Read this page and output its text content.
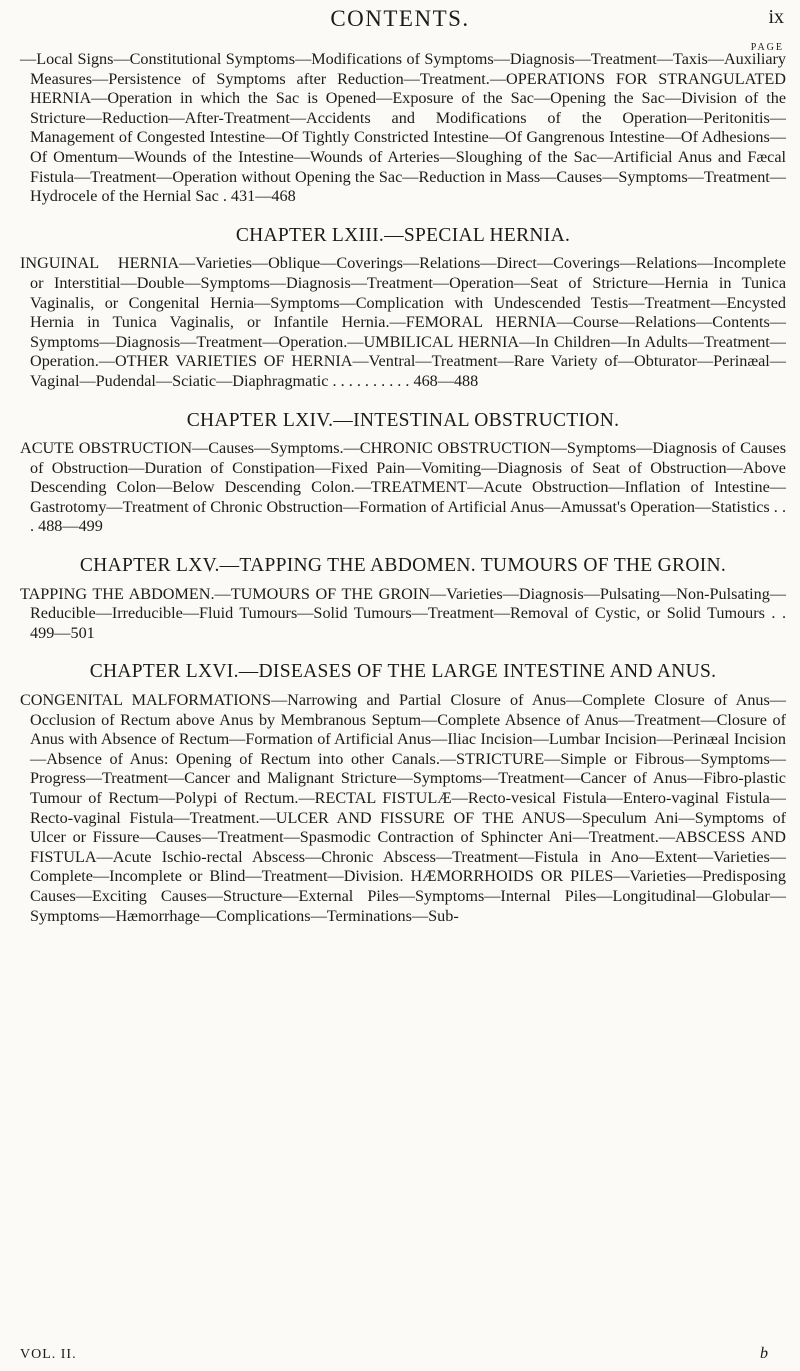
CONTENTS.	ix
PAGE

—Local Signs—Constitutional Symptoms—Modifications of Symptoms—Diagnosis—Treatment—Taxis—Auxiliary Measures—Persistence of Symptoms after Reduction—Treatment.—OPERATIONS FOR STRANGULATED HERNIA—Operation in which the Sac is Opened—Exposure of the Sac—Opening the Sac—Division of the Stricture—Reduction—After-Treatment—Accidents and Modifications of the Operation—Peritonitis—Management of Congested Intestine—Of Tightly Constricted Intestine—Of Gangrenous Intestine—Of Adhesions—Of Omentum—Wounds of the Intestine—Wounds of Arteries—Sloughing of the Sac—Artificial Anus and Fæcal Fistula—Treatment—Operation without Opening the Sac—Reduction in Mass—Causes—Symptoms—Treatment—Hydrocele of the Hernial Sac . 431—468

CHAPTER LXIII.—SPECIAL HERNIA.

INGUINAL HERNIA—Varieties—Oblique—Coverings—Relations—Direct—Coverings—Relations—Incomplete or Interstitial—Double—Symptoms—Diagnosis—Treatment—Operation—Seat of Stricture—Hernia in Tunica Vaginalis, or Congenital Hernia—Symptoms—Complication with Undescended Testis—Treatment—Encysted Hernia in Tunica Vaginalis, or Infantile Hernia.—FEMORAL HERNIA—Course—Relations—Contents—Symptoms—Diagnosis—Treatment—Operation.—UMBILICAL HERNIA—In Children—In Adults—Treatment—Operation.—OTHER VARIETIES OF HERNIA—Ventral—Treatment—Rare Variety of—Obturator—Perinæal—Vaginal—Pudendal—Sciatic—Diaphragmatic . . . . . . . . . . 468—488

CHAPTER LXIV.—INTESTINAL OBSTRUCTION.

ACUTE OBSTRUCTION—Causes—Symptoms.—CHRONIC OBSTRUCTION—Symptoms—Diagnosis of Causes of Obstruction—Duration of Constipation—Fixed Pain—Vomiting—Diagnosis of Seat of Obstruction—Above Descending Colon—Below Descending Colon.—TREATMENT—Acute Obstruction—Inflation of Intestine—Gastrotomy—Treatment of Chronic Obstruction—Formation of Artificial Anus—Amussat's Operation—Statistics . . . 488—499

CHAPTER LXV.—TAPPING THE ABDOMEN. TUMOURS OF THE GROIN.

TAPPING THE ABDOMEN.—TUMOURS OF THE GROIN—Varieties—Diagnosis—Pulsating—Non-Pulsating—Reducible—Irreducible—Fluid Tumours—Solid Tumours—Treatment—Removal of Cystic, or Solid Tumours . . 499—501

CHAPTER LXVI.—DISEASES OF THE LARGE INTESTINE AND ANUS.

CONGENITAL MALFORMATIONS—Narrowing and Partial Closure of Anus—Complete Closure of Anus—Occlusion of Rectum above Anus by Membranous Septum—Complete Absence of Anus—Treatment—Closure of Anus with Absence of Rectum—Formation of Artificial Anus—Iliac Incision—Lumbar Incision—Perinæal Incision—Absence of Anus: Opening of Rectum into other Canals.—STRICTURE—Simple or Fibrous—Symptoms—Progress—Treatment—Cancer and Malignant Stricture—Symptoms—Treatment—Cancer of Anus—Fibro-plastic Tumour of Rectum—Polypi of Rectum.—RECTAL FISTULÆ—Recto-vesical Fistula—Entero-vaginal Fistula—Recto-vaginal Fistula—Treatment.—ULCER AND FISSURE OF THE ANUS—Speculum Ani—Symptoms of Ulcer or Fissure—Causes—Treatment—Spasmodic Contraction of Sphincter Ani—Treatment.—ABSCESS AND FISTULA—Acute Ischio-rectal Abscess—Chronic Abscess—Treatment—Fistula in Ano—Extent—Varieties—Complete—Incomplete or Blind—Treatment—Division. HÆMORRHOIDS OR PILES—Varieties—Predisposing Causes—Exciting Causes—Structure—External Piles—Symptoms—Internal Piles—Longitudinal—Globular—Symptoms—Hæmorrhage—Complications—Terminations—Sub-

VOL. II.	b
